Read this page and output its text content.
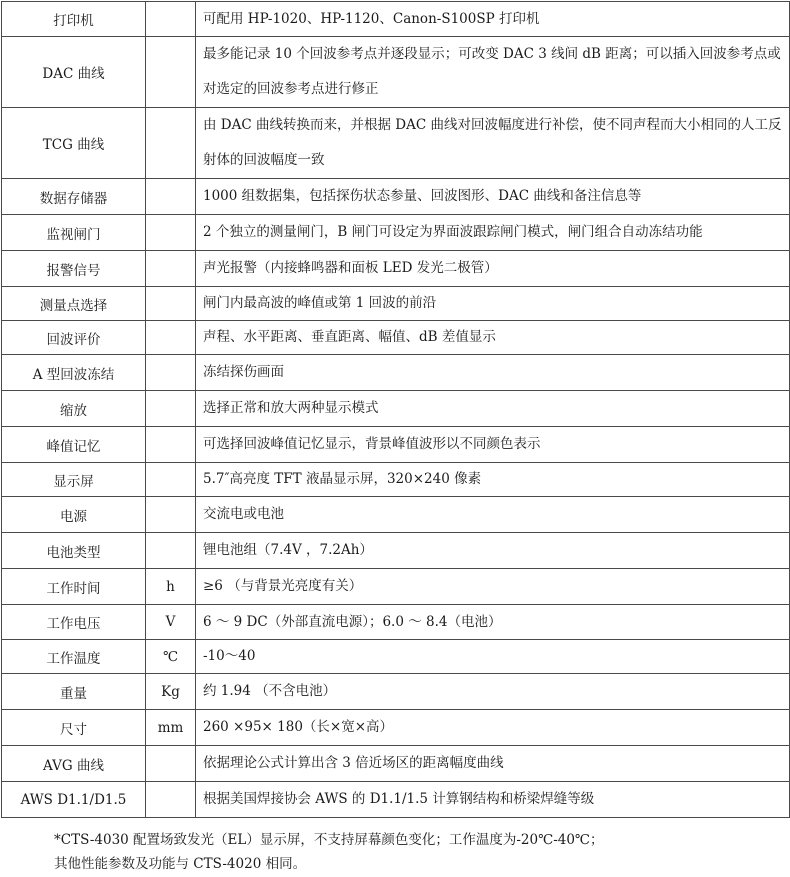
打印机		可配用 HP-1020、HP-1120、Canon-S100SP 打印机
DAC 曲线		最多能记录 10 个回波参考点并逐段显示；可改变 DAC 3 线间 dB 距离；可以插入回波参考点或对选定的回波参考点进行修正
TCG 曲线		由 DAC 曲线转换而来，并根据 DAC 曲线对回波幅度进行补偿，使不同声程而大小相同的人工反射体的回波幅度一致
数据存储器		1000 组数据集，包括探伤状态参量、回波图形、DAC 曲线和备注信息等
监视闸门		2 个独立的测量闸门，B 闸门可设定为界面波跟踪闸门模式，闸门组合自动冻结功能
报警信号		声光报警（内接蜂鸣器和面板 LED 发光二极管）
测量点选择		闸门内最高波的峰值或第 1 回波的前沿
回波评价		声程、水平距离、垂直距离、幅值、dB 差值显示
A 型回波冻结		冻结探伤画面
缩放		选择正常和放大两种显示模式
峰值记忆		可选择回波峰值记忆显示，背景峰值波形以不同颜色表示
显示屏		5.7″高亮度 TFT 液晶显示屏，320×240 像素
电源		交流电或电池
电池类型		锂电池组（7.4V ，7.2Ah）
工作时间	h	≥6 （与背景光亮度有关）
工作电压	V	6 ～ 9 DC（外部直流电源）；6.0 ～ 8.4（电池）
工作温度	℃	-10～40
重量	Kg	约 1.94 （不含电池）
尺寸	mm	260 ×95× 180（长×宽×高）
AVG 曲线		依据理论公式计算出含 3 倍近场区的距离幅度曲线
AWS D1.1/D1.5		根据美国焊接协会 AWS 的 D1.1/1.5 计算钢结构和桥梁焊缝等级
*CTS-4030 配置场致发光（EL）显示屏，不支持屏幕颜色变化；工作温度为-20℃-40℃；
其他性能参数及功能与 CTS-4020 相同。
